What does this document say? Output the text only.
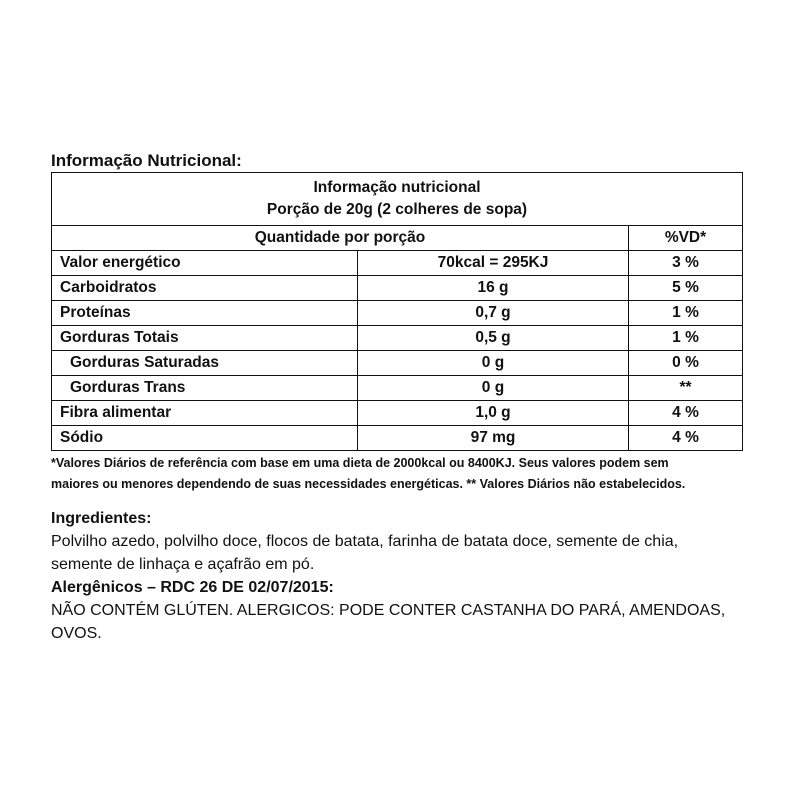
Informação Nutricional:
Informação nutricional
Porção de 20g (2 colheres de sopa)		

Quantidade por porção		%VD*
Valor energético	70kcal = 295KJ	3 %
Carboidratos	16 g	5 %
Proteínas	0,7 g	1 %
Gorduras Totais	0,5 g	1 %
Gorduras Saturadas	0 g	0 %
Gorduras Trans	0 g	**
Fibra alimentar	1,0 g	4 %
Sódio	97 mg	4 %
*Valores Diários de referência com base em uma dieta de 2000kcal ou 8400KJ. Seus valores podem sem
maiores ou menores dependendo de suas necessidades energéticas. ** Valores Diários não estabelecidos.
Ingredientes:
Polvilho azedo, polvilho doce, flocos de batata, farinha de batata doce, semente de chia,
semente de linhaça e açafrão em pó.
Alergênicos – RDC 26 DE 02/07/2015:
NÃO CONTÉM GLÚTEN. ALERGICOS: PODE CONTER CASTANHA DO PARÁ, AMENDOAS,
OVOS.
